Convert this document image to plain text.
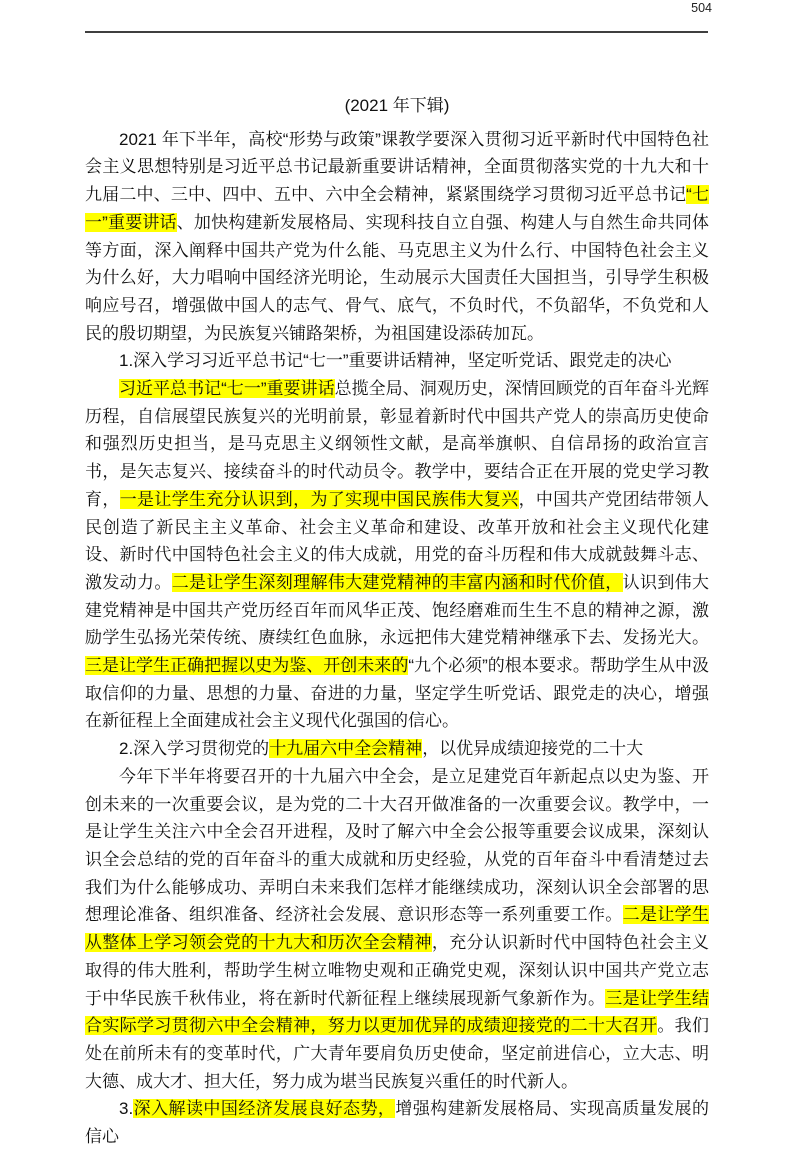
504
(2021 年下辑)

2021 年下半年，高校“形势与政策”课教学要深入贯彻习近平新时代中国特色社会主义思想特别是习近平总书记最新重要讲话精神，全面贯彻落实党的十九大和十九届二中、三中、四中、五中、六中全会精神，紧紧围绕学习贯彻习近平总书记“七一”重要讲话、加快构建新发展格局、实现科技自立自强、构建人与自然生命共同体等方面，深入阐释中国共产党为什么能、马克思主义为什么行、中国特色社会主义为什么好，大力唱响中国经济光明论，生动展示大国责任大国担当，引导学生积极响应号召，增强做中国人的志气、骨气、底气，不负时代，不负韶华，不负党和人民的殷切期望，为民族复兴铺路架桥，为祖国建设添砖加瓦。

1.深入学习习近平总书记“七一”重要讲话精神，坚定听党话、跟党走的决心

习近平总书记“七一”重要讲话总揽全局、洞观历史，深情回顾党的百年奋斗光辉历程，自信展望民族复兴的光明前景，彰显着新时代中国共产党人的崇高历史使命和强烈历史担当，是马克思主义纲领性文献，是高举旗帜、自信昂扬的政治宣言书，是矢志复兴、接续奋斗的时代动员令。教学中，要结合正在开展的党史学习教育，一是让学生充分认识到，为了实现中国民族伟大复兴，中国共产党团结带领人民创造了新民主主义革命、社会主义革命和建设、改革开放和社会主义现代化建设、新时代中国特色社会主义的伟大成就，用党的奋斗历程和伟大成就鼓舞斗志、激发动力。二是让学生深刻理解伟大建党精神的丰富内涵和时代价值，认识到伟大建党精神是中国共产党历经百年而风华正茂、饱经磨难而生生不息的精神之源，激励学生弘扬光荣传统、赓续红色血脉，永远把伟大建党精神继承下去、发扬光大。三是让学生正确把握以史为鉴、开创未来的“九个必须”的根本要求。帮助学生从中汲取信仰的力量、思想的力量、奋进的力量，坚定学生听党话、跟党走的决心，增强在新征程上全面建成社会主义现代化强国的信心。

2.深入学习贯彻党的十九届六中全会精神，以优异成绩迎接党的二十大

今年下半年将要召开的十九届六中全会，是立足建党百年新起点以史为鉴、开创未来的一次重要会议，是为党的二十大召开做准备的一次重要会议。教学中，一是让学生关注六中全会召开进程，及时了解六中全会公报等重要会议成果，深刻认识全会总结的党的百年奋斗的重大成就和历史经验，从党的百年奋斗中看清楚过去我们为什么能够成功、弄明白未来我们怎样才能继续成功，深刻认识全会部署的思想理论准备、组织准备、经济社会发展、意识形态等一系列重要工作。二是让学生从整体上学习领会党的十九大和历次全会精神，充分认识新时代中国特色社会主义取得的伟大胜利，帮助学生树立唯物史观和正确党史观，深刻认识中国共产党立志于中华民族千秋伟业，将在新时代新征程上继续展现新气象新作为。三是让学生结合实际学习贯彻六中全会精神，努力以更加优异的成绩迎接党的二十大召开。我们处在前所未有的变革时代，广大青年要肩负历史使命，坚定前进信心，立大志、明大德、成大才、担大任，努力成为堪当民族复兴重任的时代新人。

3.深入解读中国经济发展良好态势，增强构建新发展格局、实现高质量发展的信心
